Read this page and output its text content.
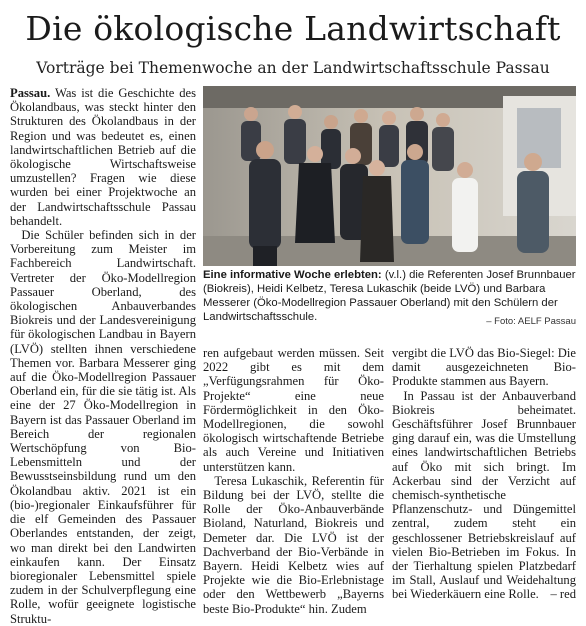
Die ökologische Landwirtschaft
Vorträge bei Themenwoche an der Landwirtschaftsschule Passau

Passau. Was ist die Geschichte des Ökolandbaus, was steckt hinter den Strukturen des Ökolandbaus in der Region und was bedeutet es, einen landwirtschaftlichen Betrieb auf die ökologische Wirtschaftsweise umzustellen? Fragen wie diese wurden bei einer Projektwoche an der Landwirtschaftsschule Passau behandelt.

Die Schüler befinden sich in der Vorbereitung zum Meister im Fachbereich Landwirtschaft. Vertreter der Öko-Modellregion Passauer Oberland, des ökologischen Anbauverbandes Biokreis und der Landesvereinigung für ökologischen Landbau in Bayern (LVÖ) stellten ihnen verschiedene Themen vor. Barbara Messerer ging auf die Öko-Modellregion Passauer Oberland ein, für die sie tätig ist. Als eine der 27 Öko-Modellregion in Bayern ist das Passauer Oberland im Bereich der regionalen Wertschöpfung von Bio-Lebensmitteln und der Bewusstseinsbildung rund um den Ökolandbau aktiv. 2021 ist ein (bio-)regionaler Einkaufsführer für die elf Gemeinden des Passauer Oberlandes entstanden, der zeigt, wo man direkt bei den Landwirten einkaufen kann. Der Einsatz bioregionaler Lebensmittel spiele zudem in der Schulverpflegung eine Rolle, wofür geeignete logistische Struktu-

Eine informative Woche erlebten: (v.l.) die Referenten Josef Brunnbauer (Biokreis), Heidi Kelbetz, Teresa Lukaschik (beide LVÖ) und Barbara Messerer (Öko-Modellregion Passauer Oberland) mit den Schülern der Landwirtschaftsschule.	– Foto: AELF Passau

ren aufgebaut werden müssen. Seit 2022 gibt es mit dem „Verfügungsrahmen für Öko-Projekte“ eine neue Fördermöglichkeit in den Öko-Modellregionen, die sowohl ökologisch wirtschaftende Betriebe als auch Vereine und Initiativen unterstützen kann.

Teresa Lukaschik, Referentin für Bildung bei der LVÖ, stellte die Rolle der Öko-Anbauverbände Bioland, Naturland, Biokreis und Demeter dar. Die LVÖ ist der Dachverband der Bio-Verbände in Bayern. Heidi Kelbetz wies auf Projekte wie die Bio-Erlebnistage oder den Wettbewerb „Bayerns beste Bio-Produkte“ hin. Zudem

vergibt die LVÖ das Bio-Siegel: Die damit ausgezeichneten Bio-Produkte stammen aus Bayern.

In Passau ist der Anbauverband Biokreis beheimatet. Geschäftsführer Josef Brunnbauer ging darauf ein, was die Umstellung eines landwirtschaftlichen Betriebs auf Öko mit sich bringt. Im Ackerbau sind der Verzicht auf chemisch-synthetische Pflanzenschutz- und Düngemittel zentral, zudem steht ein geschlossener Betriebskreislauf auf vielen Bio-Betrieben im Fokus. In der Tierhaltung spielen Platzbedarf im Stall, Auslauf und Weidehaltung bei Wiederkäuern eine Rolle. – red
